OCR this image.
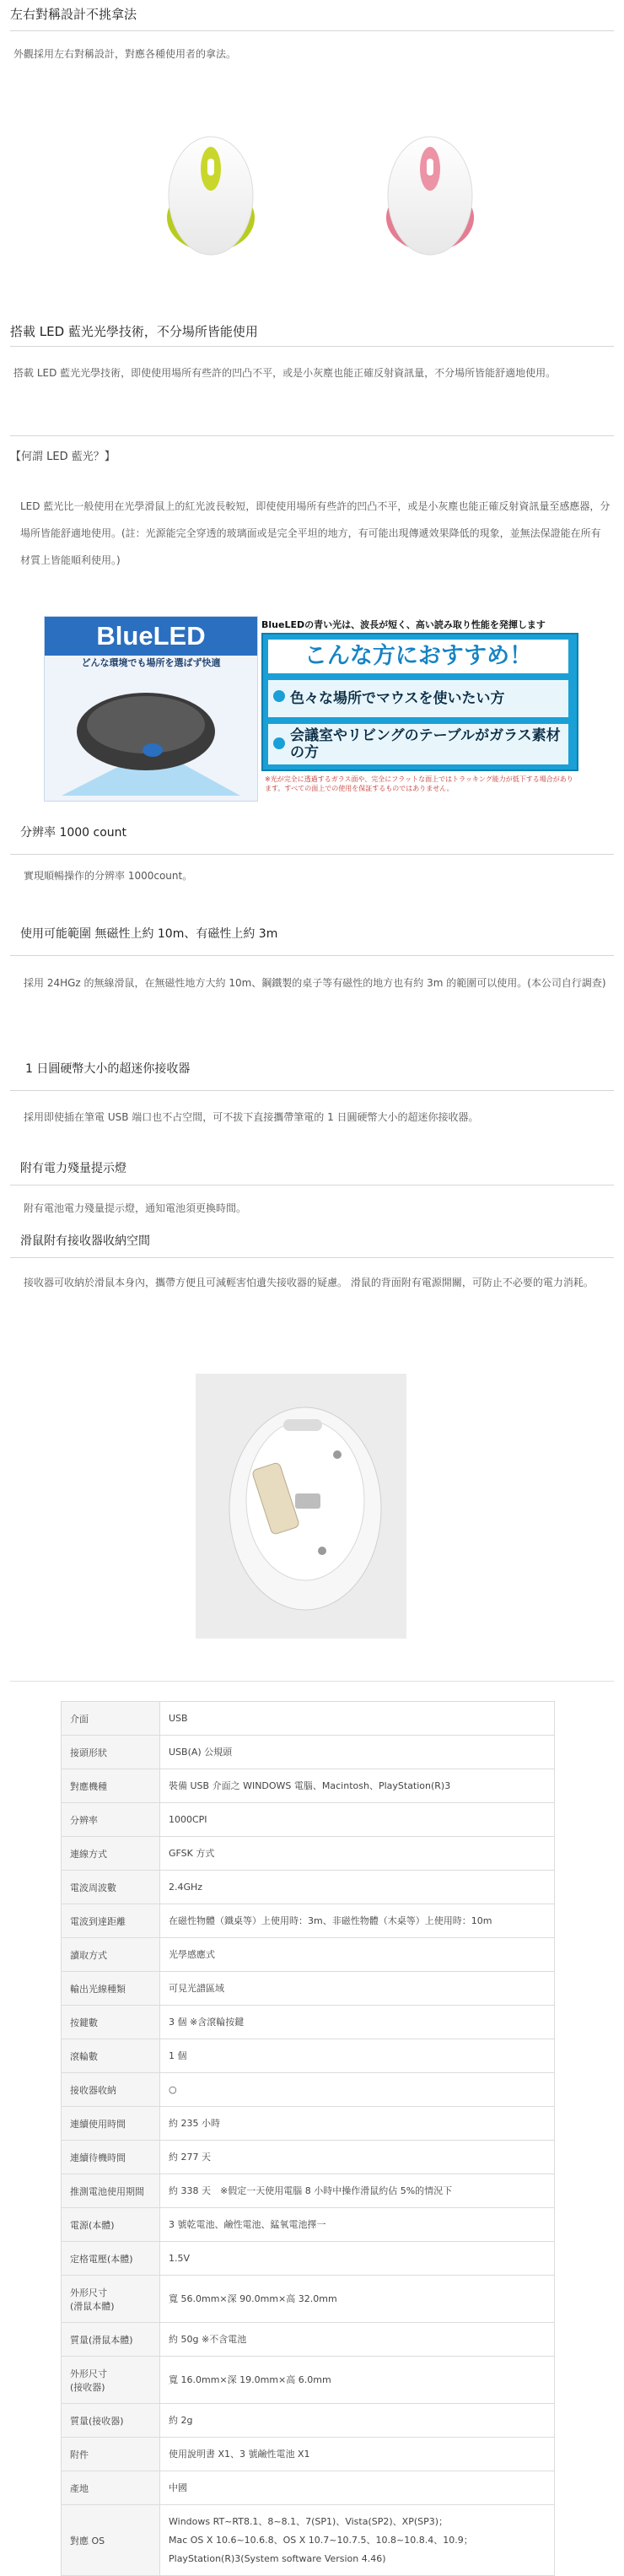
左右對稱設計不挑拿法
外觀採用左右對稱設計，對應各種使用者的拿法。
搭載 LED 藍光光學技術，不分場所皆能使用
搭載 LED 藍光光學技術，即使使用場所有些許的凹凸不平，或是小灰塵也能正確反射資訊量，不分場所皆能舒適地使用。
【何謂 LED 藍光？】
LED 藍光比一般使用在光學滑鼠上的紅光波長較短，即使使用場所有些許的凹凸不平，或是小灰塵也能正確反射資訊量至感應器，分場所皆能舒適地使用。(註：光源能完全穿透的玻璃面或是完全平坦的地方，有可能出現傳遞效果降低的現象，並無法保證能在所有材質上皆能順利使用。)
BlueLED
どんな環境でも場所を選ばず快適
BlueLEDの青い光は、波長が短く、高い読み取り性能を発揮します
こんな方におすすめ！
色々な場所でマウスを使いたい方
会議室やリビングのテーブルがガラス素材の方
※光が完全に透過するガラス面や、完全にフラットな面上ではトラッキング能力が低下する場合があります。すべての面上での使用を保証するものではありません。
分辨率 1000 count
實現順暢操作的分辨率 1000count。
使用可能範圍 無磁性上約 10m、有磁性上約 3m
採用 24HGz 的無線滑鼠，在無磁性地方大約 10m、鋼鐵製的桌子等有磁性的地方也有約 3m 的範圍可以使用。(本公司自行調查)
1 日圓硬幣大小的超迷你接收器
採用即使插在筆電 USB 端口也不占空間，可不拔下直接攜帶筆電的 1 日圓硬幣大小的超迷你接收器。
附有電力殘量提示燈
附有電池電力殘量提示燈，通知電池須更換時間。
滑鼠附有接收器收納空間
接收器可收納於滑鼠本身內，攜帶方便且可減輕害怕遺失接收器的疑慮。 滑鼠的背面附有電源開關，可防止不必要的電力消耗。
介面	USB
接頭形狀	USB(A) 公規頭
對應機種	裝備 USB 介面之 WINDOWS 電腦、Macintosh、PlayStation(R)3
分辨率	1000CPI
連線方式	GFSK 方式
電波周波數	2.4GHz
電波到達距離	在磁性物體（鐵桌等）上使用時：3m、非磁性物體（木桌等）上使用時：10m
讀取方式	光學感應式
輸出光線種類	可見光譜區域
按鍵數	3 個 ※含滾輪按鍵
滾輪數	1 個
接收器收納	○
連續使用時間	約 235 小時
連續待機時間	約 277 天
推測電池使用期間	約 338 天　※假定一天使用電腦 8 小時中操作滑鼠約佔 5%的情況下
電源(本體)	3 號乾電池、鹼性電池、錳氧電池擇一
定格電壓(本體)	1.5V
外形尺寸
(滑鼠本體)	寬 56.0mm×深 90.0mm×高 32.0mm
質量(滑鼠本體)	約 50g ※不含電池
外形尺寸
(接收器)	寬 16.0mm×深 19.0mm×高 6.0mm
質量(接收器)	約 2g
附件	使用說明書 X1、3 號鹼性電池 X1
產地	中國
對應 OS	Windows RT~RT8.1、8~8.1、7(SP1)、Vista(SP2)、XP(SP3)；
Mac OS X 10.6~10.6.8、OS X 10.7~10.7.5、10.8~10.8.4、10.9；
PlayStation(R)3(System software Version 4.46)
